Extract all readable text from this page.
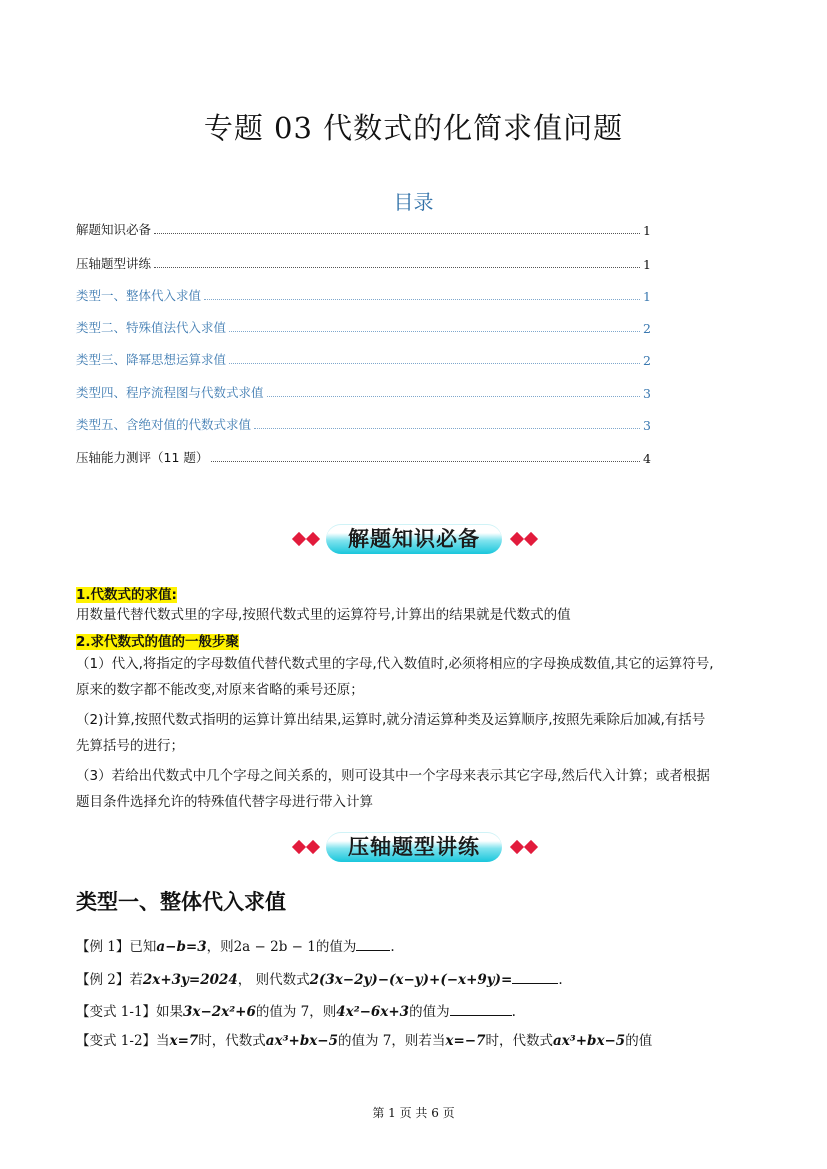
专题 03 代数式的化简求值问题
目录
解题知识必备	1
压轴题型讲练	1
类型一、整体代入求值	1
类型二、特殊值法代入求值	2
类型三、降幂思想运算求值	2
类型四、程序流程图与代数式求值	3
类型五、含绝对值的代数式求值	3
压轴能力测评（11 题）	4
解题知识必备
1.代数式的求值:
用数量代替代数式里的字母,按照代数式里的运算符号,计算出的结果就是代数式的值
2.求代数式的值的一般步聚
（1）代入,将指定的字母数值代替代数式里的字母,代入数值时,必须将相应的字母换成数值,其它的运算符号,
原来的数字都不能改变,对原来省略的乘号还原；
（2)计算,按照代数式指明的运算计算出结果,运算时,就分清运算种类及运算顺序,按照先乘除后加减,有括号
先算括号的进行；
（3）若给出代数式中几个字母之间关系的，则可设其中一个字母来表示其它字母,然后代入计算；或者根据
题目条件选择允许的特殊值代替字母进行带入计算
压轴题型讲练
类型一、整体代入求值
【例 1】已知a−b=3，则2a − 2b − 1的值为	.
【例 2】若2x+3y=2024， 则代数式2(3x−2y)−(x−y)+(−x+9y)=	.
【变式 1-1】如果3x−2x²+6的值为 7，则4x²−6x+3的值为	.
【变式 1-2】当x=7时，代数式ax³+bx−5的值为 7，则若当x=−7时，代数式ax³+bx−5的值
第 1 页 共 6 页
